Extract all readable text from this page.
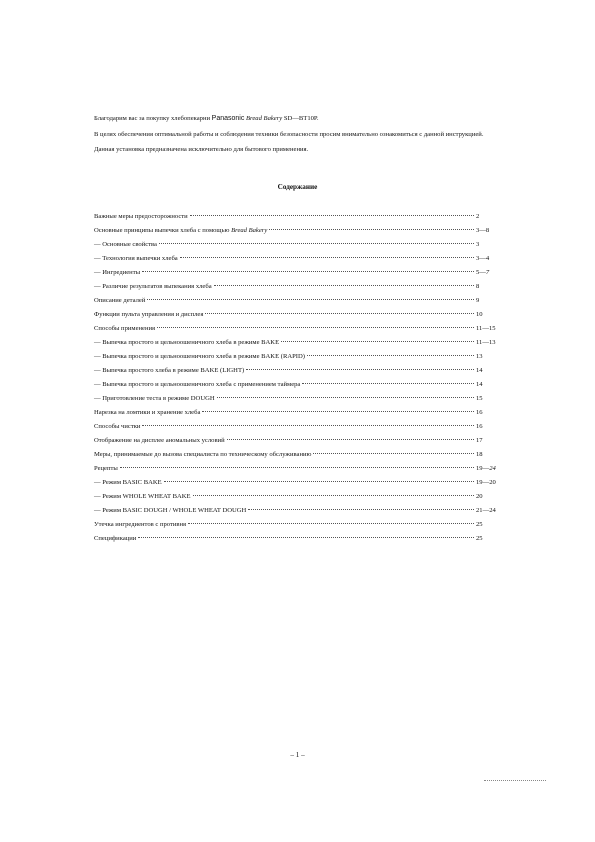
Благодарим вас за покупку хлебопекарни Panasonic Bread Bakery SD—BT10P.

В целях обеспечения оптимальной работы и соблюдения техники безопасности просим внимательно ознакомиться с данной инструкцией.

Данная установка предназначена исключительно для бытового применения.

Содержание
Важные меры предосторожности	2
Основные принципы выпечки хлеба с помощью Bread Bakery	3—8
— Основные свойства	3
— Технология выпечки хлеба	3—4
— Ингредиенты	5—7
— Различие результатов выпекания хлеба	8
Описание деталей	9
Функции пульта управления и дисплея	10
Способы применения	11—15
— Выпечка простого и цельноошеничного хлеба в режиме BAKE	11—13
— Выпечка простого и цельноошеничного хлеба в режиме BAKE (RAPID)	13
— Выпечка простого хлеба в режиме BAKE (LIGHT)	14
— Выпечка простого и цельноошеничного хлеба с применением таймера	14
— Приготовление теста в режиме DOUGH	15
Нарезка на ломтики и хранение хлеба	16
Способы чистки	16
Отображение на дисплее аномальных условий	17
Меры, принимаемые до вызова специалиста по техническому обслуживанию	18
Рецепты	19—24
— Режим BASIC BAKE	19—20
— Режим WHOLE WHEAT BAKE	20
— Режим BASIC DOUGH / WHOLE WHEAT DOUGH	21—24
Утечка ингредиентов с противня	25
Спецификации	25
– 1 –
